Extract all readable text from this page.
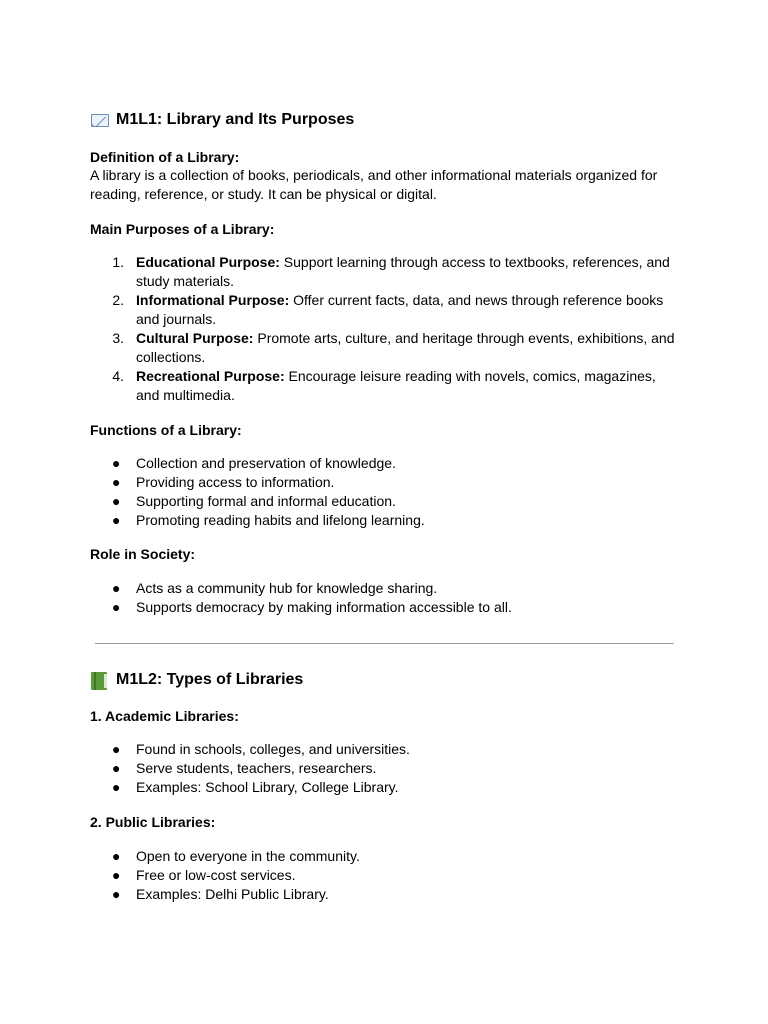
M1L1: Library and Its Purposes
Definition of a Library:
A library is a collection of books, periodicals, and other informational materials organized for reading, reference, or study. It can be physical or digital.
Main Purposes of a Library:
1. Educational Purpose: Support learning through access to textbooks, references, and study materials.
2. Informational Purpose: Offer current facts, data, and news through reference books and journals.
3. Cultural Purpose: Promote arts, culture, and heritage through events, exhibitions, and collections.
4. Recreational Purpose: Encourage leisure reading with novels, comics, magazines, and multimedia.
Functions of a Library:
● Collection and preservation of knowledge.
● Providing access to information.
● Supporting formal and informal education.
● Promoting reading habits and lifelong learning.
Role in Society:
● Acts as a community hub for knowledge sharing.
● Supports democracy by making information accessible to all.
M1L2: Types of Libraries
1. Academic Libraries:
● Found in schools, colleges, and universities.
● Serve students, teachers, researchers.
● Examples: School Library, College Library.
2. Public Libraries:
● Open to everyone in the community.
● Free or low-cost services.
● Examples: Delhi Public Library.
